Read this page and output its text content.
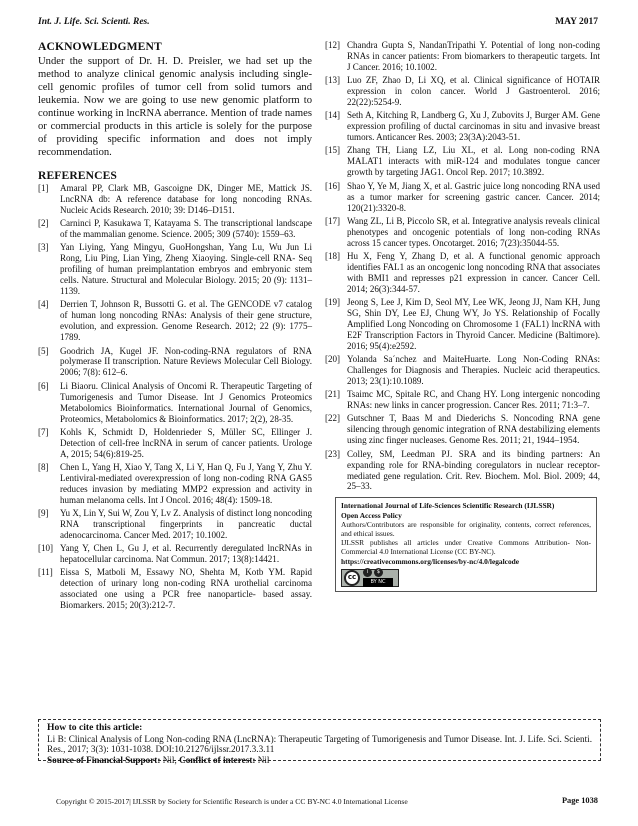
Int. J. Life. Sci. Scienti. Res.	MAY 2017
ACKNOWLEDGMENT

Under the support of Dr. H. D. Preisler, we had set up the method to analyze clinical genomic analysis including single-cell genomic profiles of tumor cell from solid tumors and leukemia. Now we are going to use new genomic platform to continue working in lncRNA aberrance. Mention of trade names or commercial products in this article is solely for the purpose of providing specific information and does not imply recommendation.

REFERENCES
[1]	Amaral PP, Clark MB, Gascoigne DK, Dinger ME, Mattick JS. LncRNA db: A reference database for long noncoding RNAs. Nucleic Acids Research. 2010; 39: D146–D151.
[2]	Carninci P, Kasukawa T, Katayama S. The transcriptional landscape of the mammalian genome. Science. 2005; 309 (5740): 1559–63.
[3]	Yan Liying, Yang Mingyu, GuoHongshan, Yang Lu, Wu Jun Li Rong, Liu Ping, Lian Ying, Zheng Xiaoying. Single-cell RNA- Seq profiling of human preimplantation embryos and embryonic stem cells. Nature. Structural and Molecular Biology. 2015; 20 (9): 1131–1139.
[4]	Derrien T, Johnson R, Bussotti G. et al. The GENCODE v7 catalog of human long noncoding RNAs: Analysis of their gene structure, evolution, and expression. Genome Research. 2012; 22 (9): 1775–1789.
[5]	Goodrich JA, Kugel JF. Non-coding-RNA regulators of RNA polymerase II transcription. Nature Reviews Molecular Cell Biology. 2006; 7(8): 612–6.
[6]	Li Biaoru. Clinical Analysis of Oncomi R. Therapeutic Targeting of Tumorigenesis and Tumor Disease. Int J Genomics Proteomics Metabolomics Bioinformatics. International Journal of Genomics, Proteomics, Metabolomics & Bioinformatics. 2017; 2(2), 28-35.
[7]	Kohls K, Schmidt D, Holdenrieder S, Müller SC, Ellinger J. Detection of cell-free lncRNA in serum of cancer patients. Urologe A, 2015; 54(6):819-25.
[8]	Chen L, Yang H, Xiao Y, Tang X, Li Y, Han Q, Fu J, Yang Y, Zhu Y. Lentiviral-mediated overexpression of long non-coding RNA GAS5 reduces invasion by mediating MMP2 expression and activity in human melanoma cells. Int J Oncol. 2016; 48(4): 1509-18.
[9]	Yu X, Lin Y, Sui W, Zou Y, Lv Z. Analysis of distinct long noncoding RNA transcriptional fingerprints in pancreatic ductal adenocarcinoma. Cancer Med. 2017; 10.1002.
[10] Yang Y, Chen L, Gu J, et al. Recurrently deregulated lncRNAs in hepatocellular carcinoma. Nat Commun. 2017; 13(8):14421.
[11] Eissa S, Matboli M, Essawy NO, Shehta M, Kotb YM. Rapid detection of urinary long non-coding RNA urothelial carcinoma associated one using a PCR free nanoparticle- based assay. Biomarkers. 2015; 20(3):212-7.
[12] Chandra Gupta S, NandanTripathi Y. Potential of long non-coding RNAs in cancer patients: From biomarkers to therapeutic targets. Int J Cancer. 2016; 10.1002.
[13] Luo ZF, Zhao D, Li XQ, et al. Clinical significance of HOTAIR expression in colon cancer. World J Gastroenterol. 2016; 22(22):5254-9.
[14] Seth A, Kitching R, Landberg G, Xu J, Zubovits J, Burger AM. Gene expression profiling of ductal carcinomas in situ and invasive breast tumors. Anticancer Res. 2003; 23(3A):2043-51.
[15] Zhang TH, Liang LZ, Liu XL, et al. Long non-coding RNA MALAT1 interacts with miR-124 and modulates tongue cancer growth by targeting JAG1. Oncol Rep. 2017; 10.3892.
[16] Shao Y, Ye M, Jiang X, et al. Gastric juice long noncoding RNA used as a tumor marker for screening gastric cancer. Cancer. 2014; 120(21):3320-8.
[17] Wang ZL, Li B, Piccolo SR, et al. Integrative analysis reveals clinical phenotypes and oncogenic potentials of long non-coding RNAs across 15 cancer types. Oncotarget. 2016; 7(23):35044-55.
[18] Hu X, Feng Y, Zhang D, et al. A functional genomic approach identifies FAL1 as an oncogenic long noncoding RNA that associates with BMI1 and represses p21 expression in cancer. Cancer Cell. 2014; 26(3):344-57.
[19] Jeong S, Lee J, Kim D, Seol MY, Lee WK, Jeong JJ, Nam KH, Jung SG, Shin DY, Lee EJ, Chung WY, Jo YS. Relationship of Focally Amplified Long Noncoding on Chromosome 1 (FAL1) lncRNA with E2F Transcription Factors in Thyroid Cancer. Medicine (Baltimore). 2016; 95(4):e2592.
[20] Yolanda Sa´nchez and MaiteHuarte. Long Non-Coding RNAs: Challenges for Diagnosis and Therapies. Nucleic acid therapeutics. 2013; 23(1):10.1089.
[21] Tsaimc MC, Spitale RC, and Chang HY. Long intergenic noncoding RNAs: new links in cancer progression. Cancer Res. 2011; 71:3–7.
[22] Gutschner T, Baas M and Diederichs S. Noncoding RNA gene silencing through genomic integration of RNA destabilizing elements using zinc finger nucleases. Genome Res. 2011; 21, 1944–1954.
[23] Colley, SM, Leedman PJ. SRA and its binding partners: An expanding role for RNA-binding coregulators in nuclear receptor-mediated gene regulation. Crit. Rev. Biochem. Mol. Biol. 2009; 44, 25–33.
International Journal of Life-Sciences Scientific Research (IJLSSR)
Open Access Policy
Authors/Contributors are responsible for originality, contents, correct references, and ethical issues.
IJLSSR publishes all articles under Creative Commons Attribution- Non-Commercial 4.0 International License (CC BY-NC).
https://creativecommons.org/licenses/by-nc/4.0/legalcode
cc
i	$
BY NC
How to cite this article:
Li B: Clinical Analysis of Long Non-coding RNA (LncRNA): Therapeutic Targeting of Tumorigenesis and Tumor Disease. Int. J. Life. Sci. Scienti. Res., 2017; 3(3): 1031-1038. DOI:10.21276/ijlssr.2017.3.3.11
Source of Financial Support: Nil, Conflict of interest: Nil
Copyright © 2015-2017| IJLSSR by Society for Scientific Research is under a CC BY-NC 4.0 International License	Page 1038
